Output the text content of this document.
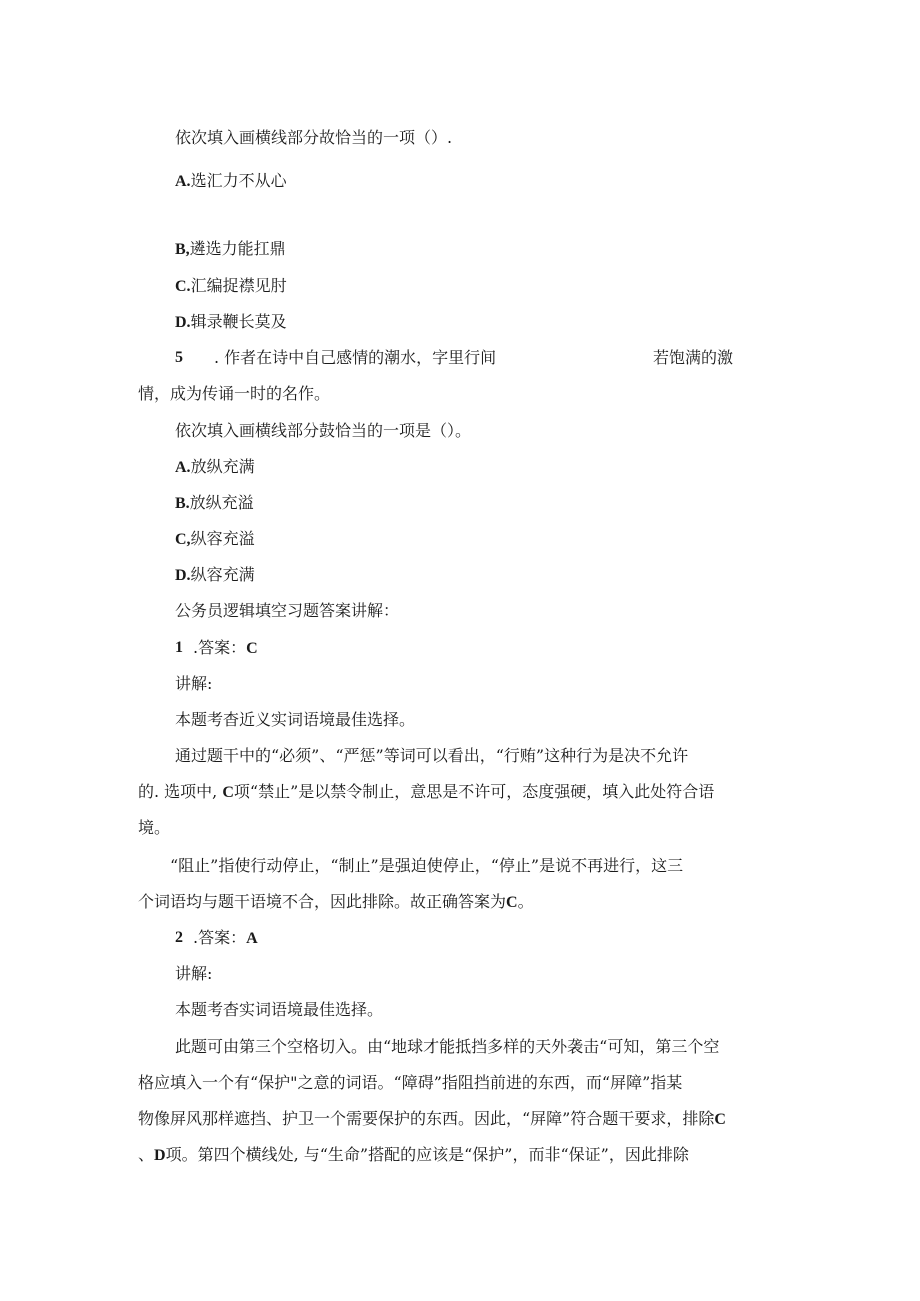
依次填入画横线部分故恰当的一项（）.
A.选汇力不从心
B,遴选力能扛鼎
C.汇编捉襟见肘
D.辑录鞭长莫及
5 . 作者在诗中自己感情的潮水，字里行间	若饱满的激
情，成为传诵一时的名作。
依次填入画横线部分鼓恰当的一项是（）。
A.放纵充满
B.放纵充溢
C,纵容充溢
D.纵容充满
公务员逻辑填空习题答案讲解：
1 .答案：C
讲解:
本题考杳近义实词语境最佳选择。
通过题干中的“必须”、“严惩”等词可以看出，“行贿”这种行为是决不允许
的. 选项中, C项“禁止”是以禁令制止，意思是不许可，态度强硬，填入此处符合语
境。
“阻止”指使行动停止，“制止”是强迫使停止，“停止”是说不再进行，这三
个词语均与题干语境不合，因此排除。故正确答案为C。
2 .答案：A
讲解:
本题考杳实词语境最佳选择。
此题可由第三个空格切入。由“地球才能抵挡多样的天外袭击“可知，第三个空
格应填入一个有“保护"之意的词语。“障碍”指阻挡前进的东西，而“屏障”指某
物像屏风那样遮挡、护卫一个需要保护的东西。因此，“屏障”符合题干要求，排除C
、D项。第四个横线处, 与“生命”搭配的应该是“保护”，而非“保证”，因此排除
